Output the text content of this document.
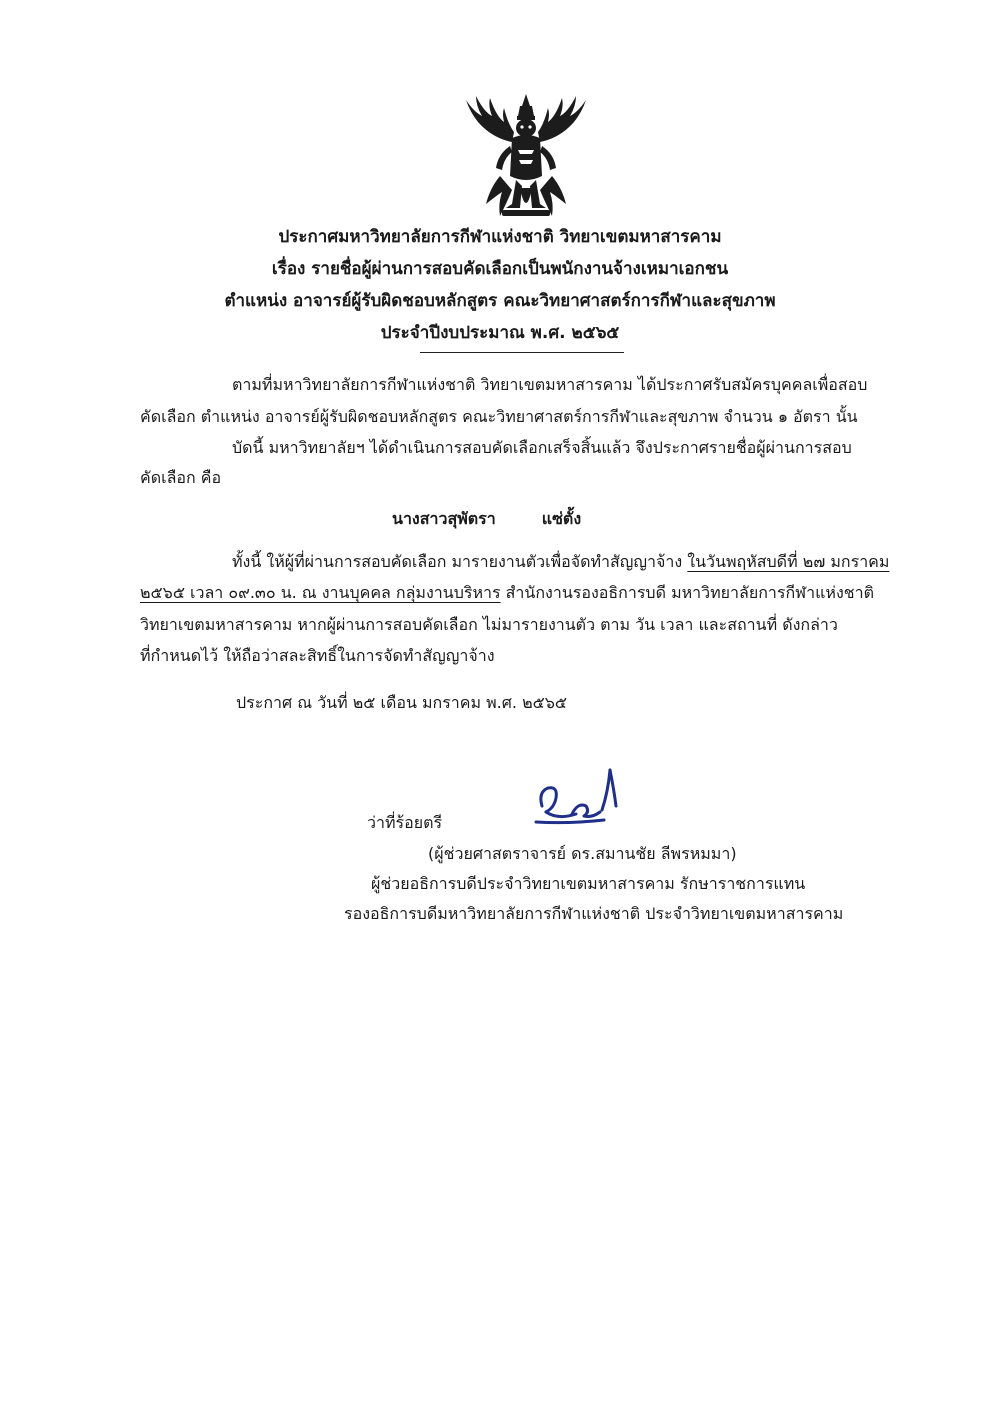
ประกาศมหาวิทยาลัยการกีฬาแห่งชาติ วิทยาเขตมหาสารคาม
เรื่อง รายชื่อผู้ผ่านการสอบคัดเลือกเป็นพนักงานจ้างเหมาเอกชน
ตำแหน่ง อาจารย์ผู้รับผิดชอบหลักสูตร คณะวิทยาศาสตร์การกีฬาและสุขภาพ
ประจำปีงบประมาณ พ.ศ. ๒๕๖๕
ตามที่มหาวิทยาลัยการกีฬาแห่งชาติ วิทยาเขตมหาสารคาม ได้ประกาศรับสมัครบุคคลเพื่อสอบ
คัดเลือก ตำแหน่ง อาจารย์ผู้รับผิดชอบหลักสูตร คณะวิทยาศาสตร์การกีฬาและสุขภาพ จำนวน ๑ อัตรา นั้น
บัดนี้ มหาวิทยาลัยฯ ได้ดำเนินการสอบคัดเลือกเสร็จสิ้นแล้ว จึงประกาศรายชื่อผู้ผ่านการสอบ
คัดเลือก คือ
นางสาวสุพัตรา	แซ่ตั้ง
ทั้งนี้ ให้ผู้ที่ผ่านการสอบคัดเลือก มารายงานตัวเพื่อจัดทำสัญญาจ้าง ในวันพฤหัสบดีที่ ๒๗ มกราคม
๒๕๖๕ เวลา ๐๙.๓๐ น. ณ งานบุคคล กลุ่มงานบริหาร สำนักงานรองอธิการบดี มหาวิทยาลัยการกีฬาแห่งชาติ
วิทยาเขตมหาสารคาม หากผู้ผ่านการสอบคัดเลือก ไม่มารายงานตัว ตาม วัน เวลา และสถานที่ ดังกล่าว
ที่กำหนดไว้ ให้ถือว่าสละสิทธิ์ในการจัดทำสัญญาจ้าง
ประกาศ ณ วันที่ ๒๕ เดือน มกราคม พ.ศ. ๒๕๖๕
ว่าที่ร้อยตรี
(ผู้ช่วยศาสตราจารย์ ดร.สมานชัย ลีพรหมมา)
ผู้ช่วยอธิการบดีประจำวิทยาเขตมหาสารคาม รักษาราชการแทน
รองอธิการบดีมหาวิทยาลัยการกีฬาแห่งชาติ ประจำวิทยาเขตมหาสารคาม
